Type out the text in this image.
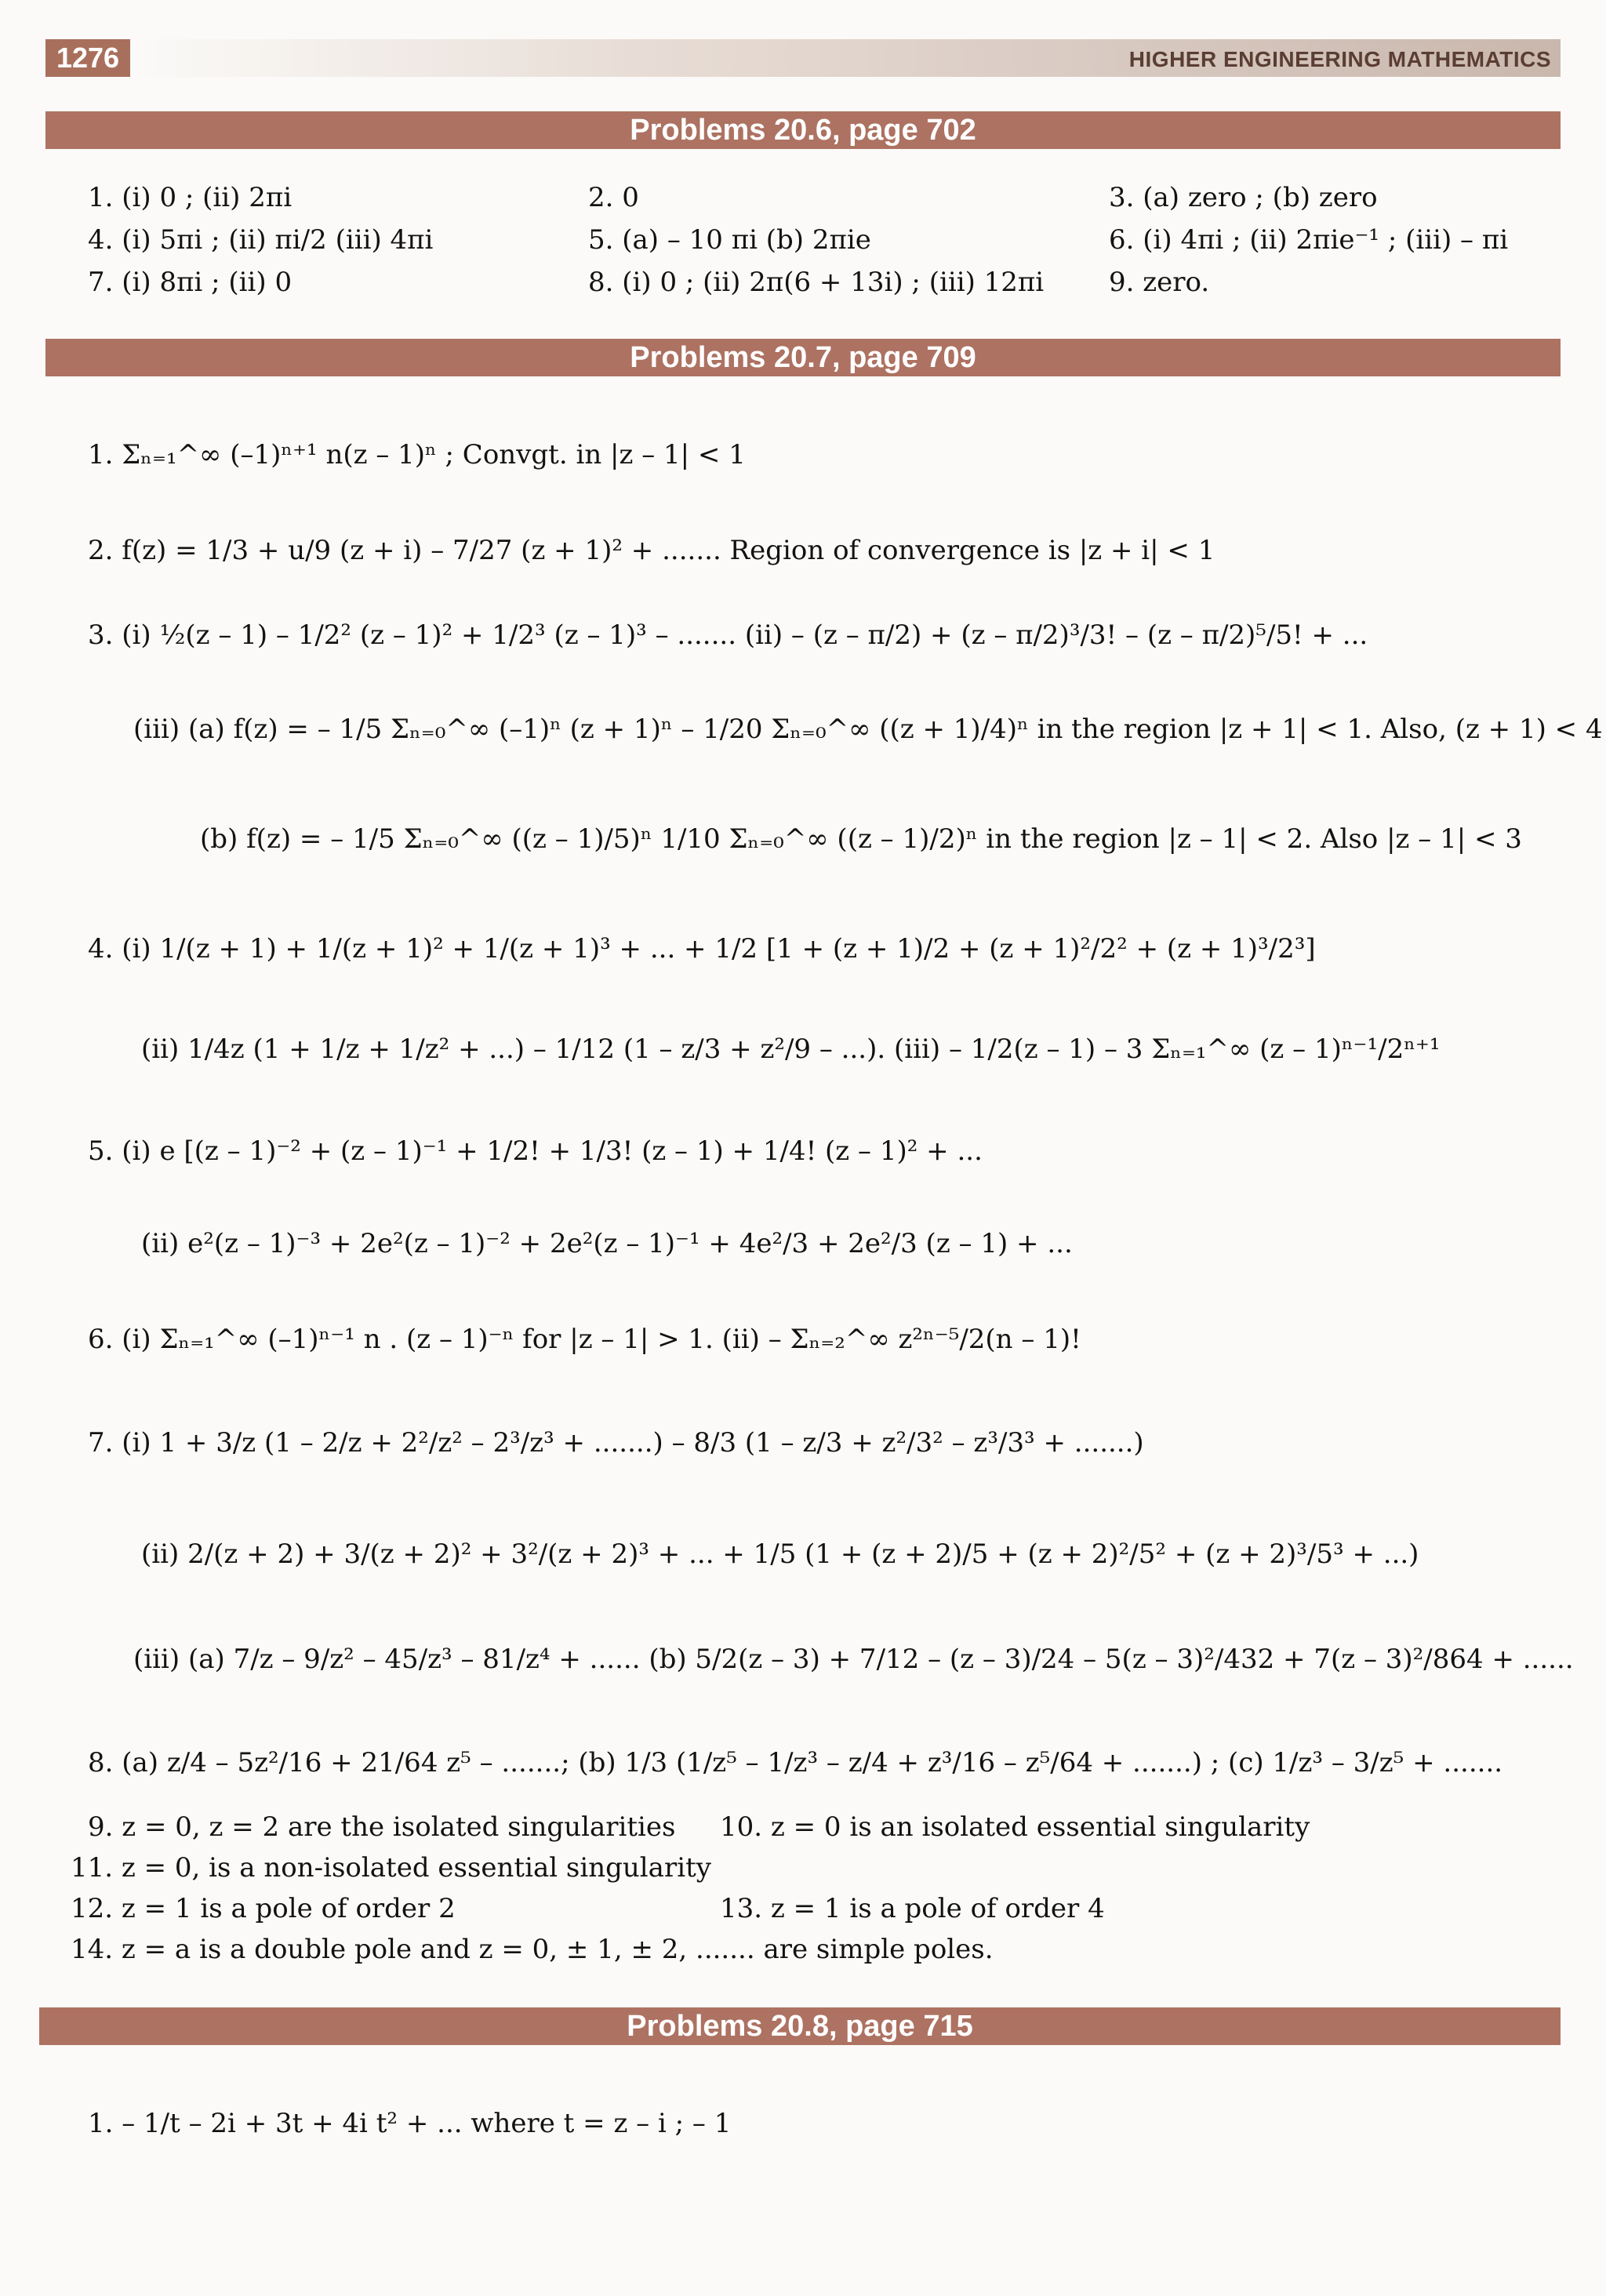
1276	HIGHER ENGINEERING MATHEMATICS
Problems 20.6, page 702
1. (i) 0 ; (ii) 2πi	2. 0	3. (a) zero ; (b) zero
4. (i) 5πi ; (ii) πi/2 (iii) 4πi	5. (a) – 10 πi (b) 2πie	6. (i) 4πi ; (ii) 2πie⁻¹ ; (iii) – πi
7. (i) 8πi ; (ii) 0	8. (i) 0 ; (ii) 2π(6 + 13i) ; (iii) 12πi 9. zero.
Problems 20.7, page 709
1. Σₙ₌₁^∞ (–1)ⁿ⁺¹ n(z – 1)ⁿ ; Convgt. in |z – 1| < 1
2. f(z) = 1/3 + u/9 (z + i) – 7/27 (z + 1)² + ....... Region of convergence is |z + i| < 1
3. (i) ½(z – 1) – 1/2² (z – 1)² + 1/2³ (z – 1)³ – ....... (ii) – (z – π/2) + (z – π/2)³/3! – (z – π/2)⁵/5! + ...
(iii) (a) f(z) = – 1/5 Σₙ₌₀^∞ (–1)ⁿ (z + 1)ⁿ – 1/20 Σₙ₌₀^∞ ((z + 1)/4)ⁿ in the region |z + 1| < 1. Also, (z + 1) < 4
(b) f(z) = – 1/5 Σₙ₌₀^∞ ((z – 1)/5)ⁿ 1/10 Σₙ₌₀^∞ ((z – 1)/2)ⁿ in the region |z – 1| < 2. Also |z – 1| < 3
4. (i) 1/(z + 1) + 1/(z + 1)² + 1/(z + 1)³ + ... + 1/2 [1 + (z + 1)/2 + (z + 1)²/2² + (z + 1)³/2³]
(ii) 1/4z (1 + 1/z + 1/z² + ...) – 1/12 (1 – z/3 + z²/9 – ...). (iii) – 1/2(z – 1) – 3 Σₙ₌₁^∞ (z – 1)ⁿ⁻¹/2ⁿ⁺¹
5. (i) e [(z – 1)⁻² + (z – 1)⁻¹ + 1/2! + 1/3! (z – 1) + 1/4! (z – 1)² + ...
(ii) e²(z – 1)⁻³ + 2e²(z – 1)⁻² + 2e²(z – 1)⁻¹ + 4e²/3 + 2e²/3 (z – 1) + ...
6. (i) Σₙ₌₁^∞ (–1)ⁿ⁻¹ n . (z – 1)⁻ⁿ for |z – 1| > 1. (ii) – Σₙ₌₂^∞ z²ⁿ⁻⁵/2(n – 1)!
7. (i) 1 + 3/z (1 – 2/z + 2²/z² – 2³/z³ + .......) – 8/3 (1 – z/3 + z²/3² – z³/3³ + .......)
(ii) 2/(z + 2) + 3/(z + 2)² + 3²/(z + 2)³ + ... + 1/5 (1 + (z + 2)/5 + (z + 2)²/5² + (z + 2)³/5³ + ...)
(iii) (a) 7/z – 9/z² – 45/z³ – 81/z⁴ + ...... (b) 5/2(z – 3) + 7/12 – (z – 3)/24 – 5(z – 3)²/432 + 7(z – 3)²/864 + ......
8. (a) z/4 – 5z²/16 + 21/64 z⁵ – .......; (b) 1/3 (1/z⁵ – 1/z³ – z/4 + z³/16 – z⁵/64 + .......) ; (c) 1/z³ – 3/z⁵ + .......
9. z = 0, z = 2 are the isolated singularities 10. z = 0 is an isolated essential singularity
11. z = 0, is a non-isolated essential singularity
12. z = 1 is a pole of order 2	13. z = 1 is a pole of order 4
14. z = a is a double pole and z = 0, ± 1, ± 2, ....... are simple poles.
Problems 20.8, page 715
1. – 1/t – 2i + 3t + 4i t² + ... where t = z – i ; – 1
